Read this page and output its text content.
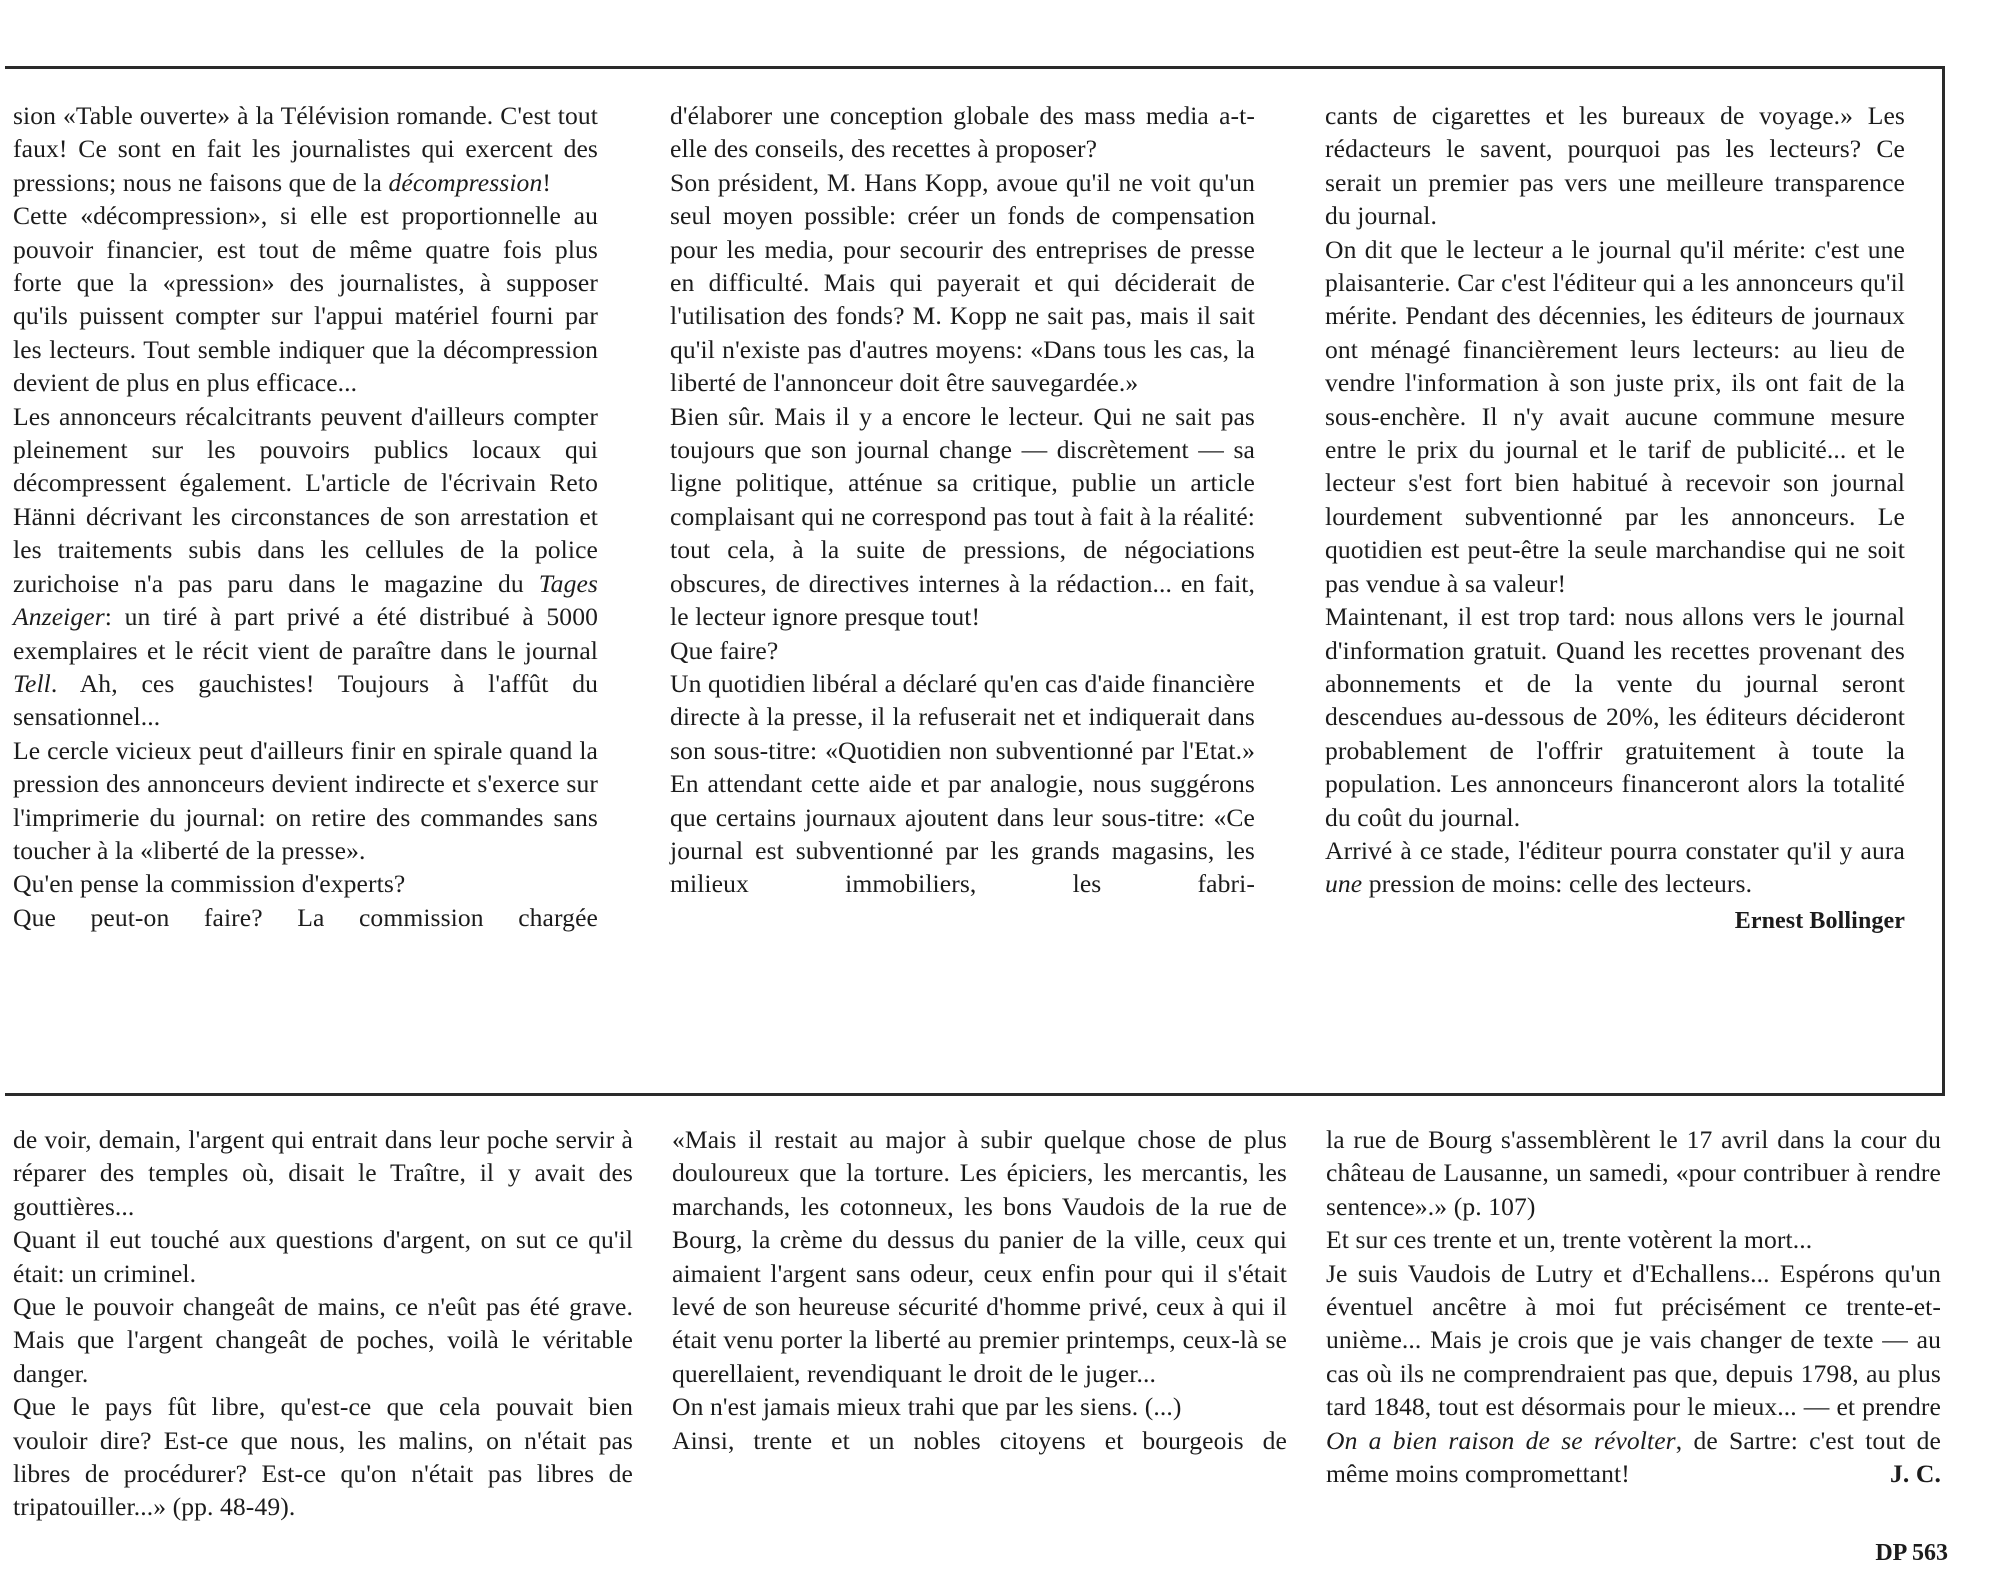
sion «Table ouverte» à la Télévision romande. C'est tout faux! Ce sont en fait les journalistes qui exercent des pressions; nous ne faisons que de la décompression!

Cette «décompression», si elle est proportionnelle au pouvoir financier, est tout de même quatre fois plus forte que la «pression» des journalistes, à supposer qu'ils puissent compter sur l'appui matériel fourni par les lecteurs. Tout semble indiquer que la décompression devient de plus en plus efficace...

Les annonceurs récalcitrants peuvent d'ailleurs compter pleinement sur les pouvoirs publics locaux qui décompressent également. L'article de l'écrivain Reto Hänni décrivant les circonstances de son arrestation et les traitements subis dans les cellules de la police zurichoise n'a pas paru dans le magazine du Tages Anzeiger: un tiré à part privé a été distribué à 5000 exemplaires et le récit vient de paraître dans le journal Tell. Ah, ces gauchistes! Toujours à l'affût du sensationnel...

Le cercle vicieux peut d'ailleurs finir en spirale quand la pression des annonceurs devient indirecte et s'exerce sur l'imprimerie du journal: on retire des commandes sans toucher à la «liberté de la presse».

Qu'en pense la commission d'experts?

Que peut-on faire? La commission chargée

d'élaborer une conception globale des mass media a-t-elle des conseils, des recettes à proposer?

Son président, M. Hans Kopp, avoue qu'il ne voit qu'un seul moyen possible: créer un fonds de compensation pour les media, pour secourir des entreprises de presse en difficulté. Mais qui payerait et qui déciderait de l'utilisation des fonds? M. Kopp ne sait pas, mais il sait qu'il n'existe pas d'autres moyens: «Dans tous les cas, la liberté de l'annonceur doit être sauvegardée.»

Bien sûr. Mais il y a encore le lecteur. Qui ne sait pas toujours que son journal change — discrètement — sa ligne politique, atténue sa critique, publie un article complaisant qui ne correspond pas tout à fait à la réalité: tout cela, à la suite de pressions, de négociations obscures, de directives internes à la rédaction... en fait, le lecteur ignore presque tout!

Que faire?

Un quotidien libéral a déclaré qu'en cas d'aide financière directe à la presse, il la refuserait net et indiquerait dans son sous-titre: «Quotidien non subventionné par l'Etat.» En attendant cette aide et par analogie, nous suggérons que certains journaux ajoutent dans leur sous-titre: «Ce journal est subventionné par les grands magasins, les milieux immobiliers, les fabri-

cants de cigarettes et les bureaux de voyage.» Les rédacteurs le savent, pourquoi pas les lecteurs? Ce serait un premier pas vers une meilleure transparence du journal.

On dit que le lecteur a le journal qu'il mérite: c'est une plaisanterie. Car c'est l'éditeur qui a les annonceurs qu'il mérite. Pendant des décennies, les éditeurs de journaux ont ménagé financièrement leurs lecteurs: au lieu de vendre l'information à son juste prix, ils ont fait de la sous-enchère. Il n'y avait aucune commune mesure entre le prix du journal et le tarif de publicité... et le lecteur s'est fort bien habitué à recevoir son journal lourdement subventionné par les annonceurs. Le quotidien est peut-être la seule marchandise qui ne soit pas vendue à sa valeur!

Maintenant, il est trop tard: nous allons vers le journal d'information gratuit. Quand les recettes provenant des abonnements et de la vente du journal seront descendues au-dessous de 20%, les éditeurs décideront probablement de l'offrir gratuitement à toute la population. Les annonceurs financeront alors la totalité du coût du journal.

Arrivé à ce stade, l'éditeur pourra constater qu'il y aura une pression de moins: celle des lecteurs.

Ernest Bollinger

de voir, demain, l'argent qui entrait dans leur poche servir à réparer des temples où, disait le Traître, il y avait des gouttières...

Quant il eut touché aux questions d'argent, on sut ce qu'il était: un criminel.

Que le pouvoir changeât de mains, ce n'eût pas été grave. Mais que l'argent changeât de poches, voilà le véritable danger.

Que le pays fût libre, qu'est-ce que cela pouvait bien vouloir dire? Est-ce que nous, les malins, on n'était pas libres de procédurer? Est-ce qu'on n'était pas libres de tripatouiller...» (pp. 48-49).

«Mais il restait au major à subir quelque chose de plus douloureux que la torture. Les épiciers, les mercantis, les marchands, les cotonneux, les bons Vaudois de la rue de Bourg, la crème du dessus du panier de la ville, ceux qui aimaient l'argent sans odeur, ceux enfin pour qui il s'était levé de son heureuse sécurité d'homme privé, ceux à qui il était venu porter la liberté au premier printemps, ceux-là se querellaient, revendiquant le droit de le juger...

On n'est jamais mieux trahi que par les siens. (...)

Ainsi, trente et un nobles citoyens et bourgeois de

la rue de Bourg s'assemblèrent le 17 avril dans la cour du château de Lausanne, un samedi, «pour contribuer à rendre sentence».» (p. 107)

Et sur ces trente et un, trente votèrent la mort...

Je suis Vaudois de Lutry et d'Echallens... Espérons qu'un éventuel ancêtre à moi fut précisément ce trente-et-unième... Mais je crois que je vais changer de texte — au cas où ils ne comprendraient pas que, depuis 1798, au plus tard 1848, tout est désormais pour le mieux... — et prendre On a bien raison de se révolter, de Sartre: c'est tout de même moins compromettant!	J. C.

DP 563
